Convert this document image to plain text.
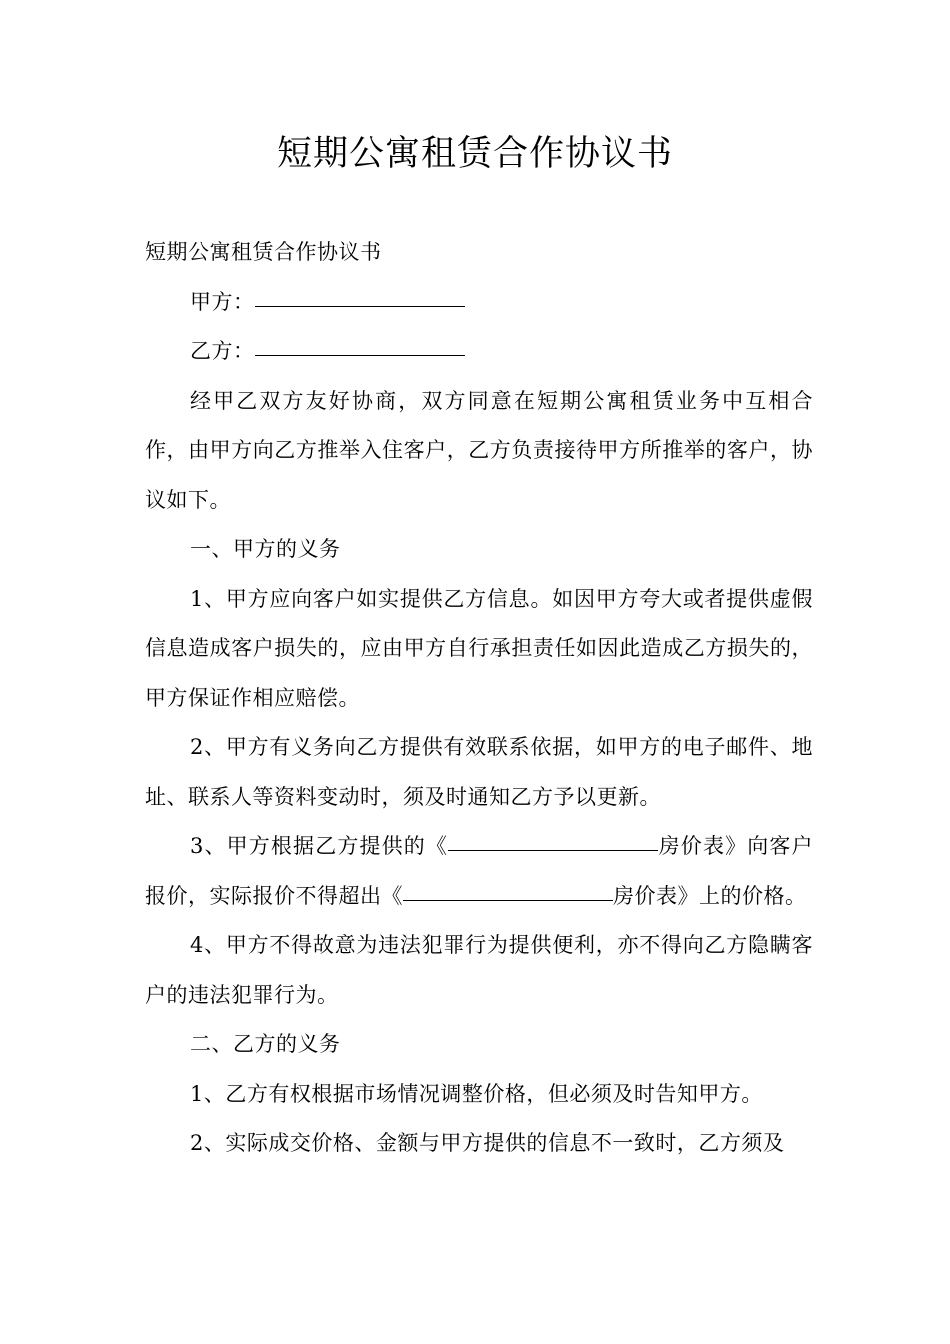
短期公寓租赁合作协议书

短期公寓租赁合作协议书

甲方：

乙方：

经甲乙双方友好协商，双方同意在短期公寓租赁业务中互相合作，由甲方向乙方推举入住客户，乙方负责接待甲方所推举的客户，协议如下。

一、甲方的义务

1、甲方应向客户如实提供乙方信息。如因甲方夸大或者提供虚假信息造成客户损失的，应由甲方自行承担责任如因此造成乙方损失的，甲方保证作相应赔偿。

2、甲方有义务向乙方提供有效联系依据，如甲方的电子邮件、地址、联系人等资料变动时，须及时通知乙方予以更新。

3、甲方根据乙方提供的《	房价表》向客户报价，实际报价不得超出《	房价表》上的价格。

4、甲方不得故意为违法犯罪行为提供便利，亦不得向乙方隐瞒客户的违法犯罪行为。

二、乙方的义务

1、乙方有权根据市场情况调整价格，但必须及时告知甲方。

2、实际成交价格、金额与甲方提供的信息不一致时，乙方须及
